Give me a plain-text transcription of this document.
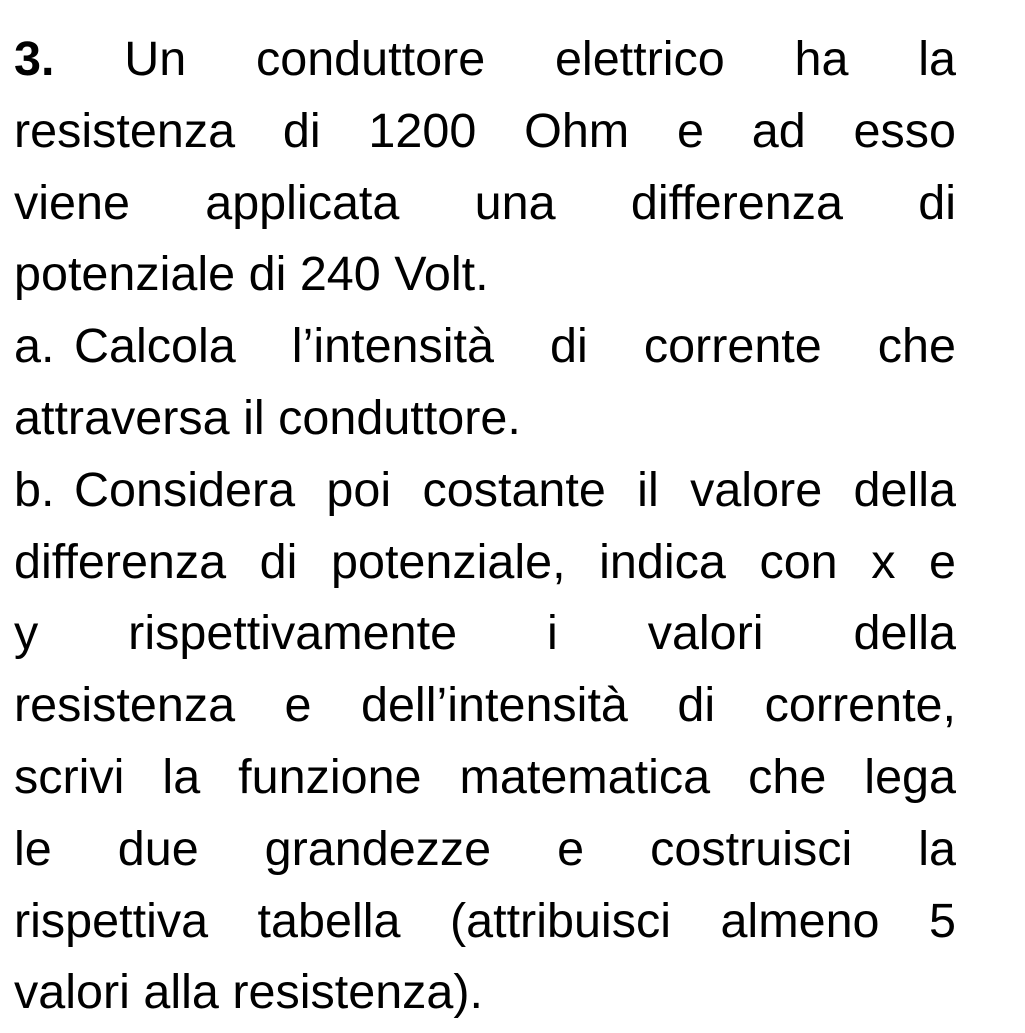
3. Un conduttore elettrico ha la
resistenza di 1200 Ohm e ad esso
viene applicata una differenza di
potenziale di 240 Volt.
a. Calcola l’intensità di corrente che
attraversa il conduttore.
b. Considera poi costante il valore della
differenza di potenziale, indica con x e
y rispettivamente i valori della
resistenza e dell’intensità di corrente,
scrivi la funzione matematica che lega
le due grandezze e costruisci la
rispettiva tabella (attribuisci almeno 5
valori alla resistenza).
